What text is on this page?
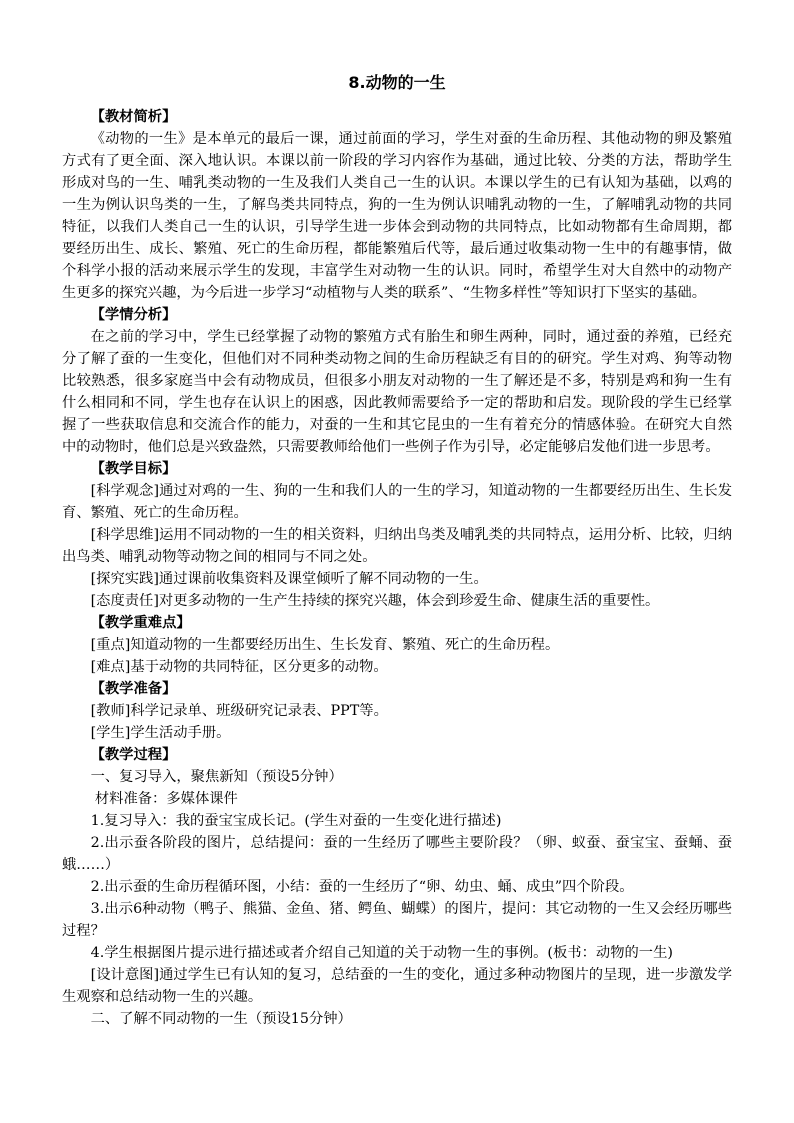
8.动物的一生

【教材简析】

《动物的一生》是本单元的最后一课，通过前面的学习，学生对蚕的生命历程、其他动物的卵及繁殖方式有了更全面、深入地认识。本课以前一阶段的学习内容作为基础，通过比较、分类的方法，帮助学生形成对鸟的一生、哺乳类动物的一生及我们人类自己一生的认识。本课以学生的已有认知为基础，以鸡的一生为例认识鸟类的一生，了解鸟类共同特点，狗的一生为例认识哺乳动物的一生，了解哺乳动物的共同特征，以我们人类自己一生的认识，引导学生进一步体会到动物的共同特点，比如动物都有生命周期，都要经历出生、成长、繁殖、死亡的生命历程，都能繁殖后代等，最后通过收集动物一生中的有趣事情，做个科学小报的活动来展示学生的发现，丰富学生对动物一生的认识。同时，希望学生对大自然中的动物产生更多的探究兴趣，为今后进一步学习“动植物与人类的联系”、“生物多样性”等知识打下坚实的基础。

【学情分析】

在之前的学习中，学生已经掌握了动物的繁殖方式有胎生和卵生两种，同时，通过蚕的养殖，已经充分了解了蚕的一生变化，但他们对不同种类动物之间的生命历程缺乏有目的的研究。学生对鸡、狗等动物比较熟悉，很多家庭当中会有动物成员，但很多小朋友对动物的一生了解还是不多，特别是鸡和狗一生有什么相同和不同，学生也存在认识上的困惑，因此教师需要给予一定的帮助和启发。现阶段的学生已经掌握了一些获取信息和交流合作的能力，对蚕的一生和其它昆虫的一生有着充分的情感体验。在研究大自然中的动物时，他们总是兴致盎然，只需要教师给他们一些例子作为引导，必定能够启发他们进一步思考。

【教学目标】

[科学观念]通过对鸡的一生、狗的一生和我们人的一生的学习，知道动物的一生都要经历出生、生长发育、繁殖、死亡的生命历程。

[科学思维]运用不同动物的一生的相关资料，归纳出鸟类及哺乳类的共同特点，运用分析、比较，归纳出鸟类、哺乳动物等动物之间的相同与不同之处。

[探究实践]通过课前收集资料及课堂倾听了解不同动物的一生。

[态度责任]对更多动物的一生产生持续的探究兴趣，体会到珍爱生命、健康生活的重要性。

【教学重难点】

[重点]知道动物的一生都要经历出生、生长发育、繁殖、死亡的生命历程。

[难点]基于动物的共同特征，区分更多的动物。

【教学准备】

[教师]科学记录单、班级研究记录表、PPT等。

[学生]学生活动手册。

【教学过程】

一、复习导入，聚焦新知（预设5分钟）

材料准备：多媒体课件

1.复习导入：我的蚕宝宝成长记。(学生对蚕的一生变化进行描述)

2.出示蚕各阶段的图片，总结提问：蚕的一生经历了哪些主要阶段？（卵、蚁蚕、蚕宝宝、蚕蛹、蚕蛾……）

2.出示蚕的生命历程循环图，小结：蚕的一生经历了“卵、幼虫、蛹、成虫”四个阶段。

3.出示6种动物（鸭子、熊猫、金鱼、猪、鳄鱼、蝴蝶）的图片，提问：其它动物的一生又会经历哪些过程？

4.学生根据图片提示进行描述或者介绍自己知道的关于动物一生的事例。(板书：动物的一生)

[设计意图]通过学生已有认知的复习，总结蚕的一生的变化，通过多种动物图片的呈现，进一步激发学生观察和总结动物一生的兴趣。

二、了解不同动物的一生（预设15分钟）
